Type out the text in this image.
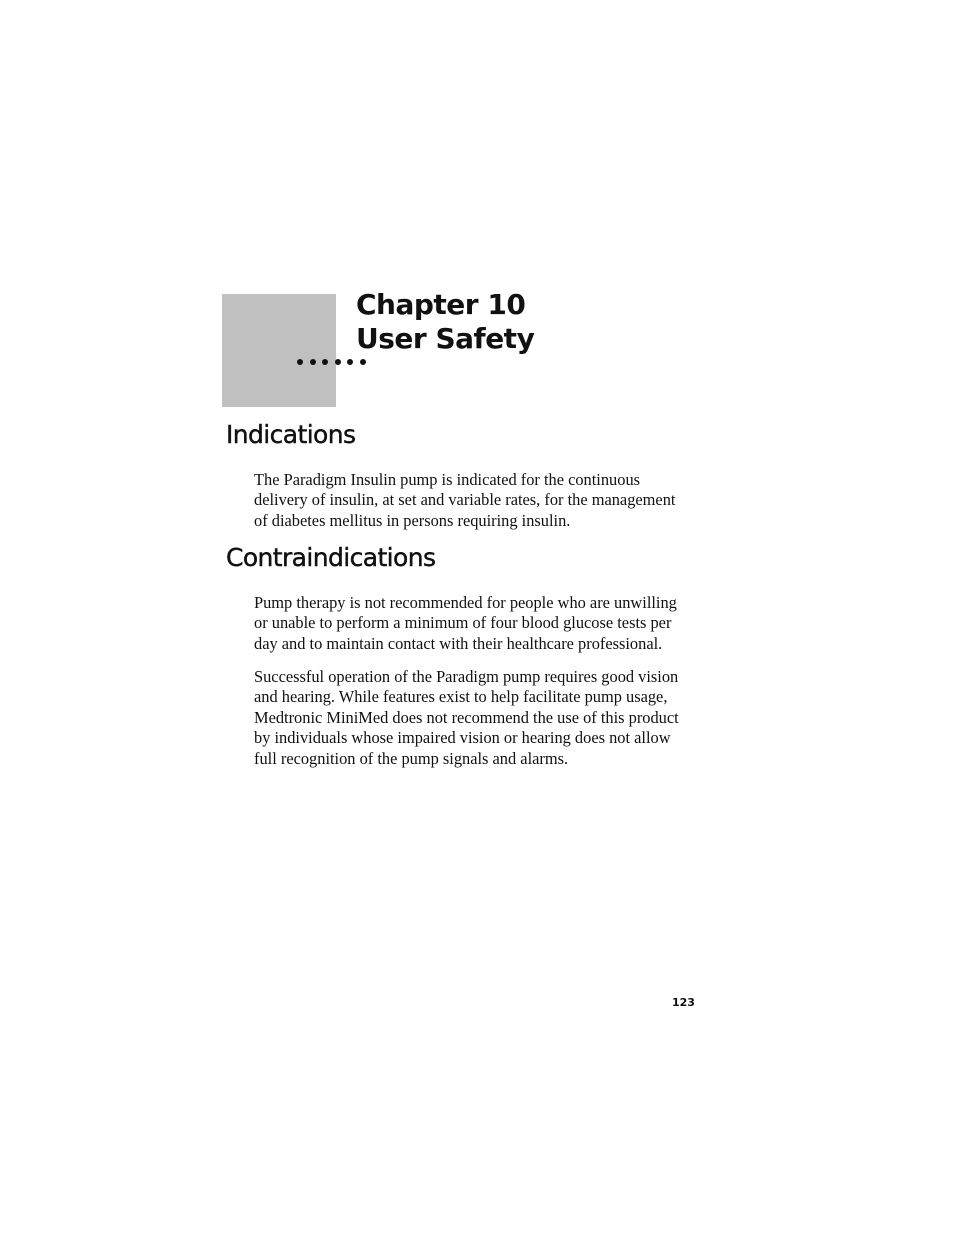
Chapter 10
User Safety
Indications
The Paradigm Insulin pump is indicated for the continuous
delivery of insulin, at set and variable rates, for the management
of diabetes mellitus in persons requiring insulin.
Contraindications
Pump therapy is not recommended for people who are unwilling
or unable to perform a minimum of four blood glucose tests per
day and to maintain contact with their healthcare professional.
Successful operation of the Paradigm pump requires good vision
and hearing. While features exist to help facilitate pump usage,
Medtronic MiniMed does not recommend the use of this product
by individuals whose impaired vision or hearing does not allow
full recognition of the pump signals and alarms.
123
